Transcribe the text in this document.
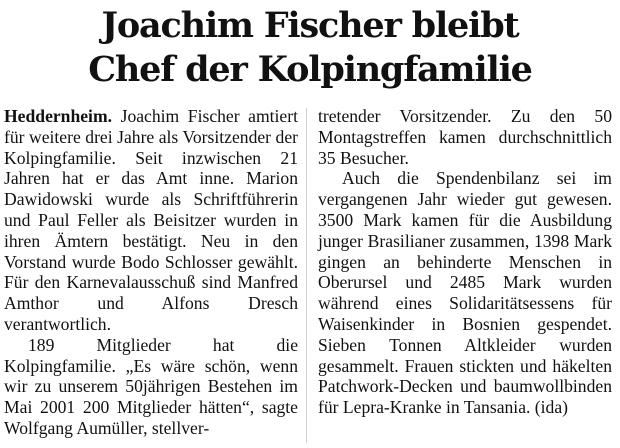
Joachim Fischer bleibt
Chef der Kolpingfamilie

Heddernheim. Joachim Fischer amtiert für weitere drei Jahre als Vorsitzender der Kolpingfamilie. Seit inzwischen 21 Jahren hat er das Amt inne. Marion Dawidowski wurde als Schriftführerin und Paul Feller als Beisitzer wurden in ihren Ämtern bestätigt. Neu in den Vorstand wurde Bodo Schlosser gewählt. Für den Karnevalausschuß sind Manfred Amthor und Alfons Dresch verantwortlich.

189 Mitglieder hat die Kolpingfamilie. „Es wäre schön, wenn wir zu unserem 50jährigen Bestehen im Mai 2001 200 Mitglieder hätten“, sagte Wolfgang Aumüller, stellver-

tretender Vorsitzender. Zu den 50 Montagstreffen kamen durchschnittlich 35 Besucher.

Auch die Spendenbilanz sei im vergangenen Jahr wieder gut gewesen. 3500 Mark kamen für die Ausbildung junger Brasilianer zusammen, 1398 Mark gingen an behinderte Menschen in Oberursel und 2485 Mark wurden während eines Solidaritätsessens für Waisenkinder in Bosnien gespendet. Sieben Tonnen Altkleider wurden gesammelt. Frauen stickten und häkelten Patchwork-Decken und baumwollbinden für Lepra-Kranke in Tansania. (ida)
